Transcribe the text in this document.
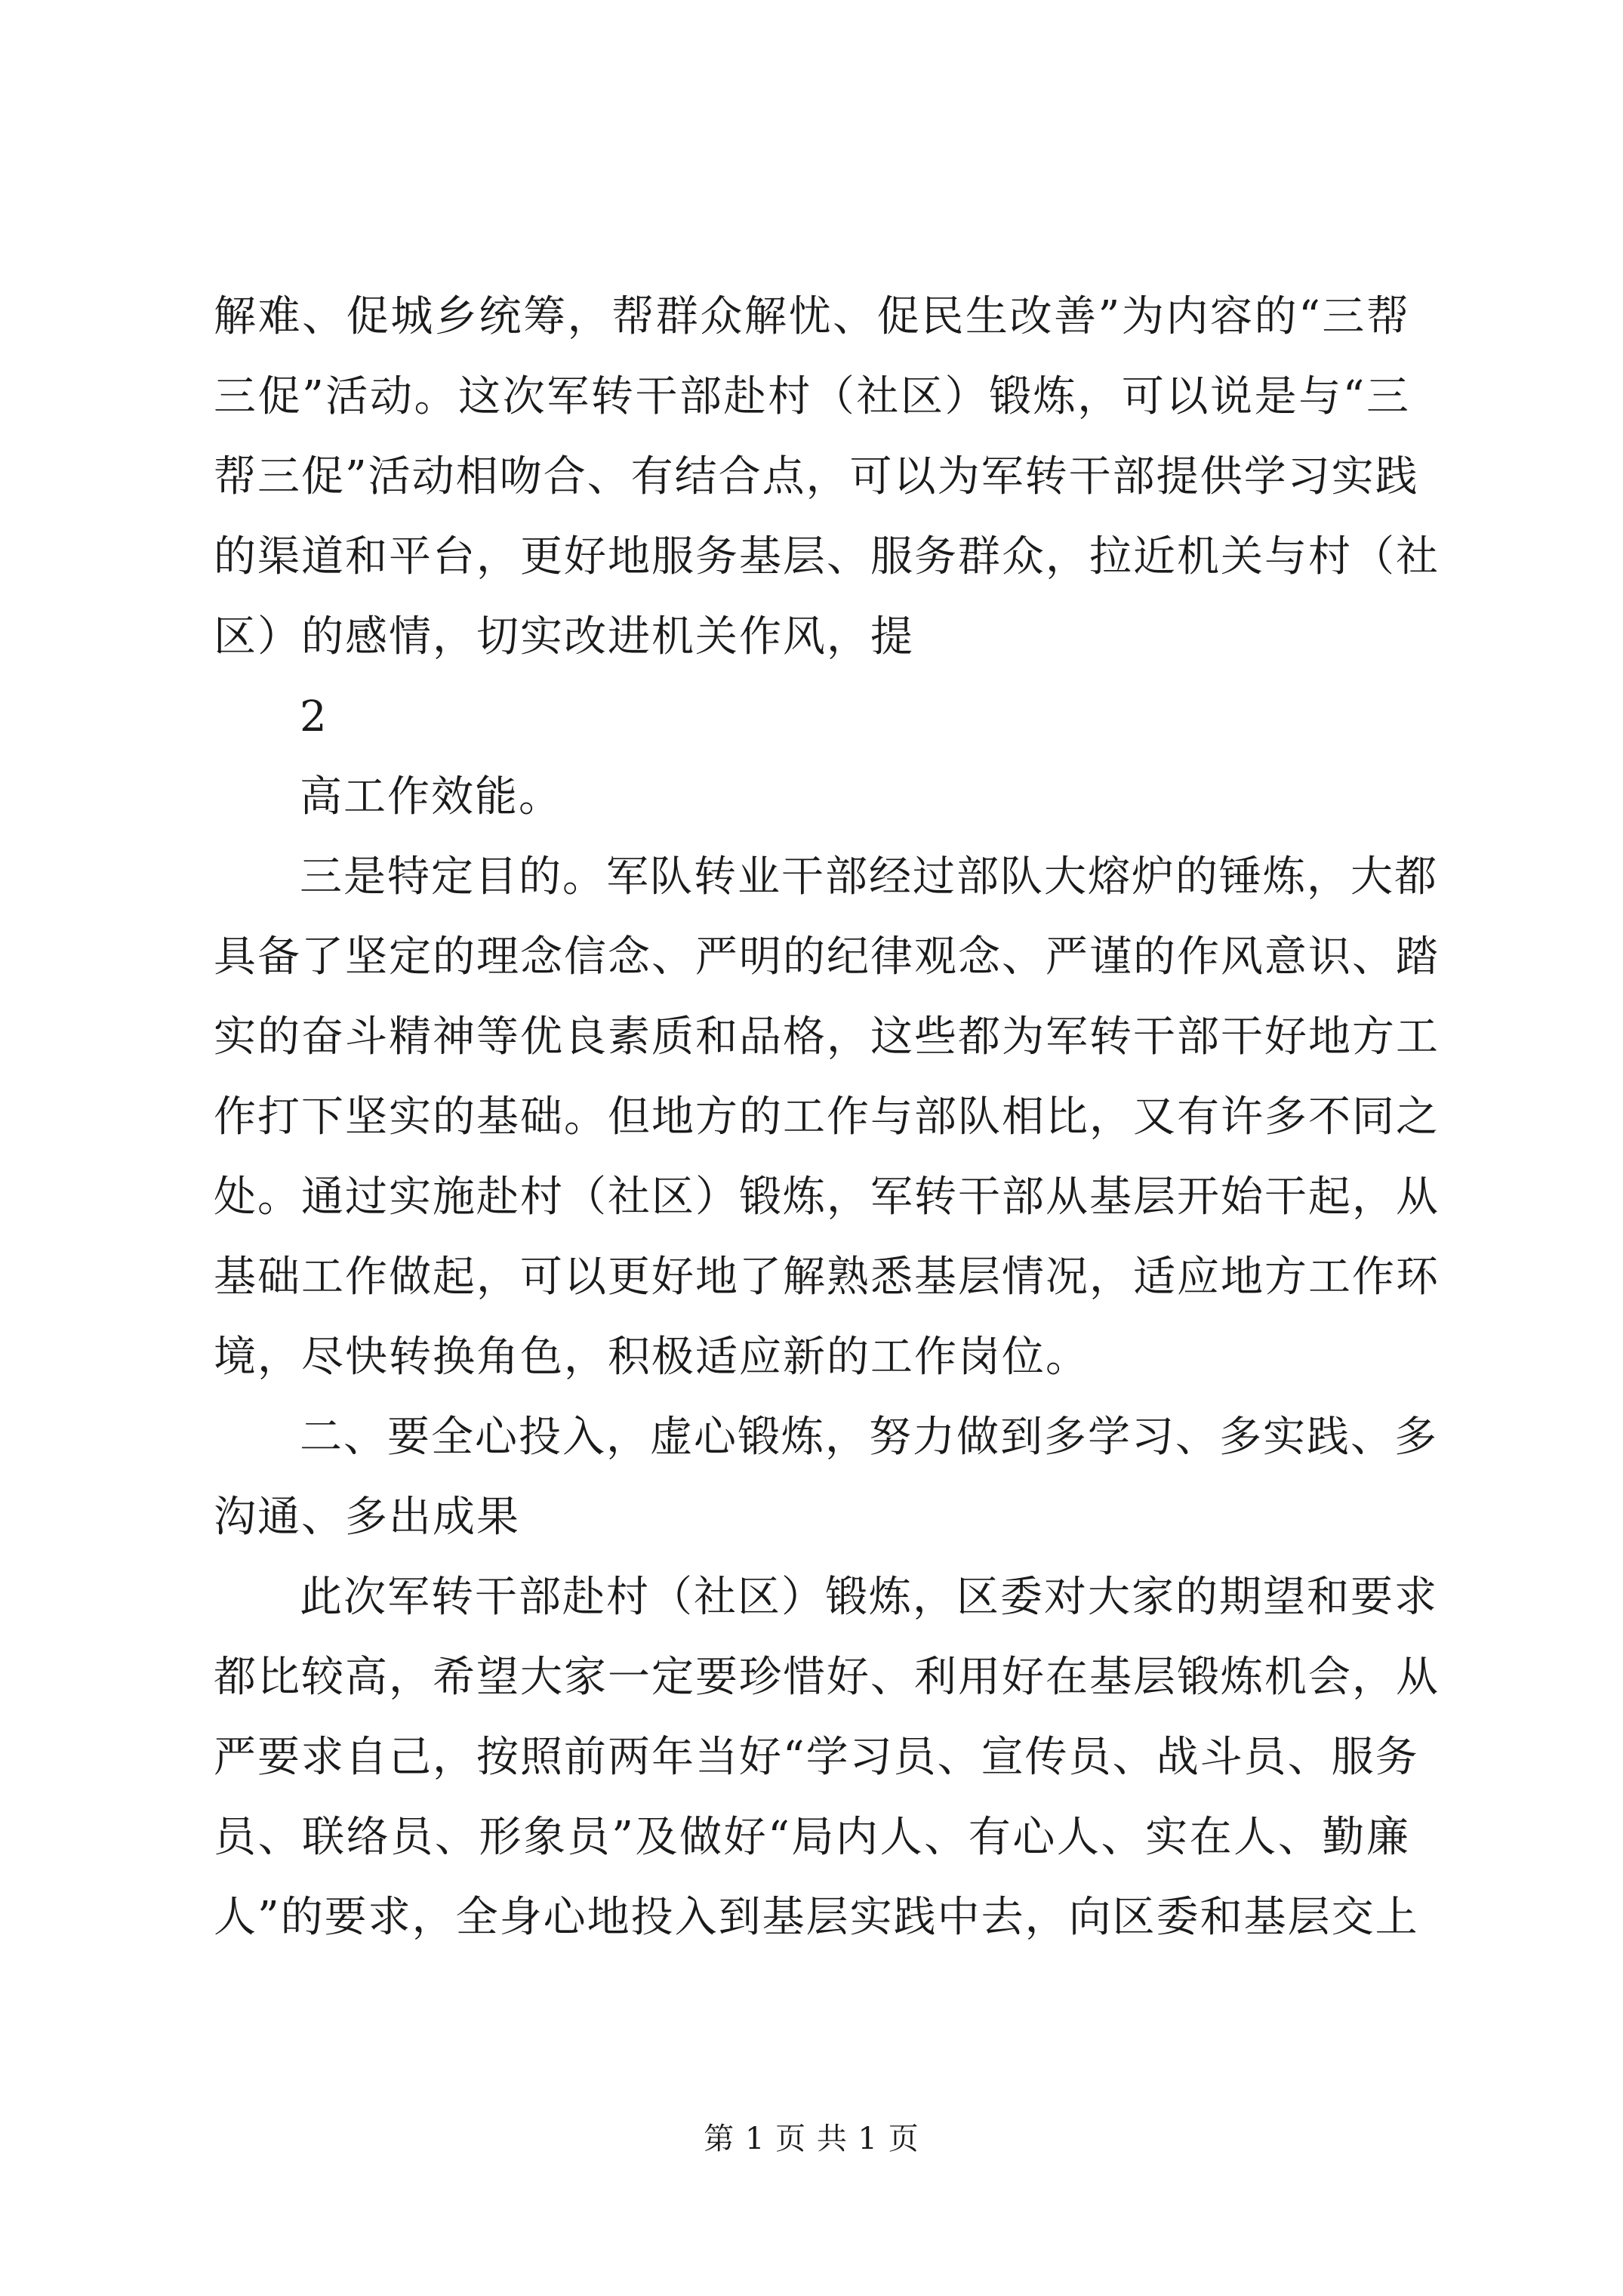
解难、促城乡统筹，帮群众解忧、促民生改善”为内容的“三帮
三促”活动。这次军转干部赴村（社区）锻炼，可以说是与“三
帮三促”活动相吻合、有结合点，可以为军转干部提供学习实践
的渠道和平台，更好地服务基层、服务群众，拉近机关与村（社
区）的感情，切实改进机关作风，提
2
高工作效能。
三是特定目的。军队转业干部经过部队大熔炉的锤炼，大都
具备了坚定的理念信念、严明的纪律观念、严谨的作风意识、踏
实的奋斗精神等优良素质和品格，这些都为军转干部干好地方工
作打下坚实的基础。但地方的工作与部队相比，又有许多不同之
处。通过实施赴村（社区）锻炼，军转干部从基层开始干起，从
基础工作做起，可以更好地了解熟悉基层情况，适应地方工作环
境，尽快转换角色，积极适应新的工作岗位。
二、要全心投入，虚心锻炼，努力做到多学习、多实践、多
沟通、多出成果
此次军转干部赴村（社区）锻炼，区委对大家的期望和要求
都比较高，希望大家一定要珍惜好、利用好在基层锻炼机会，从
严要求自己，按照前两年当好“学习员、宣传员、战斗员、服务
员、联络员、形象员”及做好“局内人、有心人、实在人、勤廉
人”的要求，全身心地投入到基层实践中去，向区委和基层交上
第 1 页 共 1 页
